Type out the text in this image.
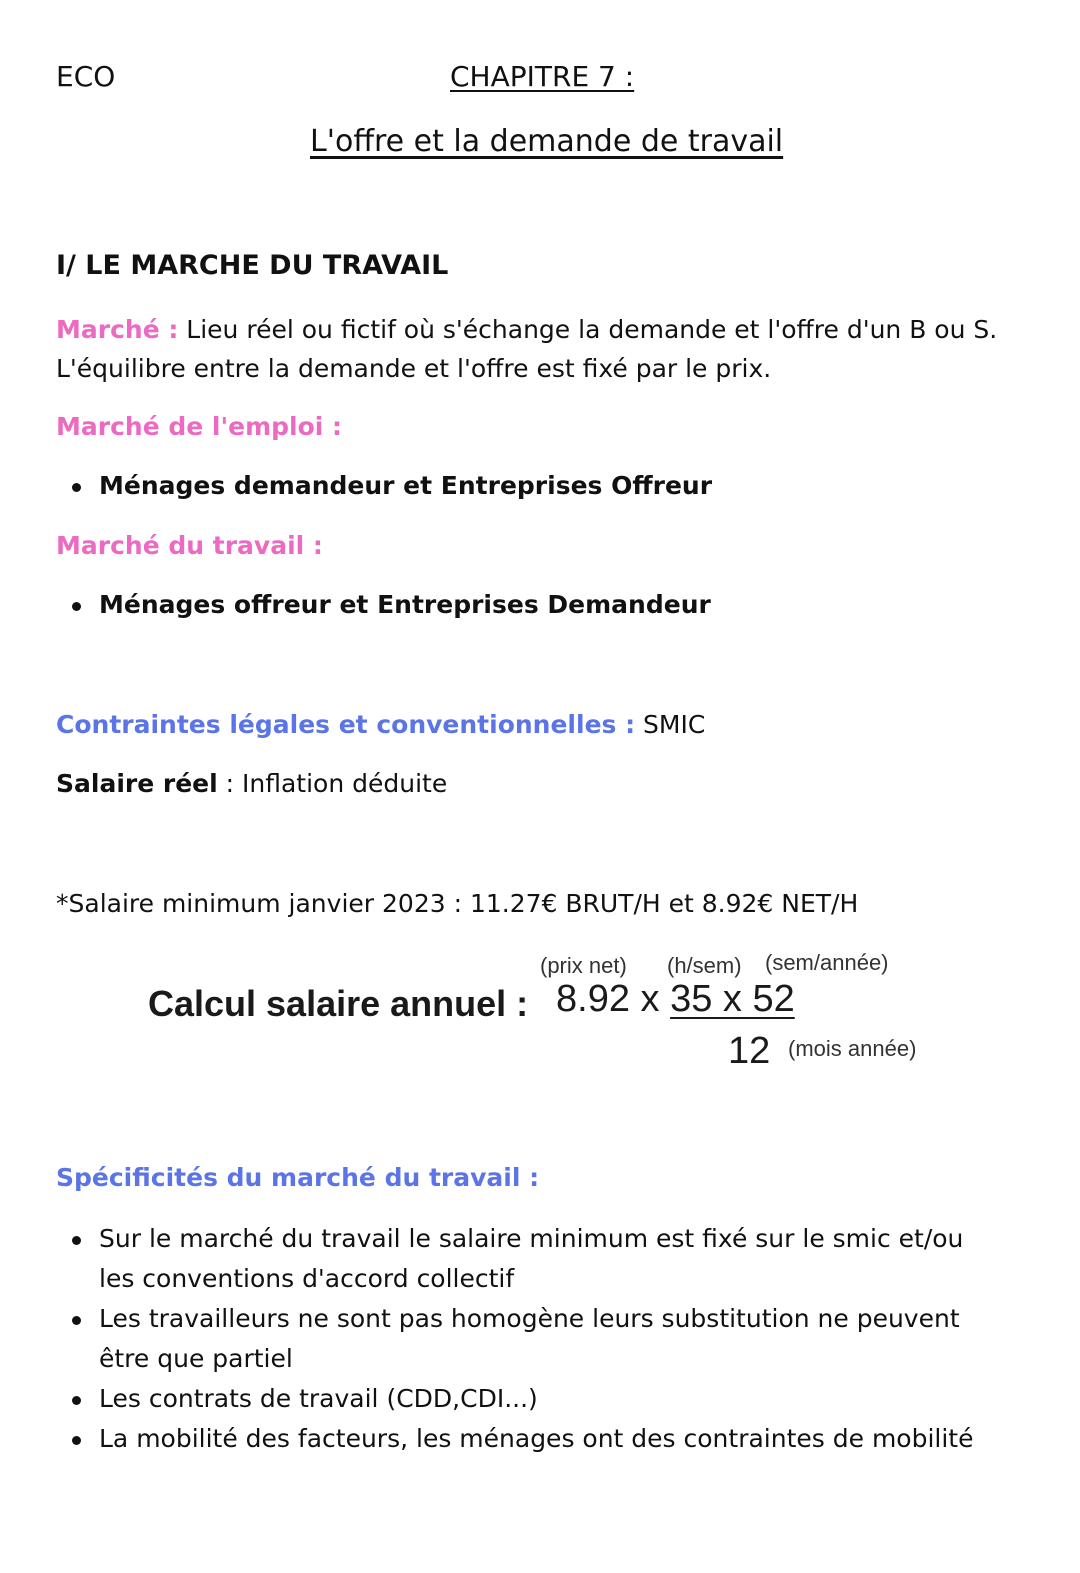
ECO	CHAPITRE 7 :
L'offre et la demande de travail
I/ LE MARCHE DU TRAVAIL
Marché : Lieu réel ou fictif où s'échange la demande et l'offre d'un B ou S.
L'équilibre entre la demande et l'offre est fixé par le prix.
Marché de l'emploi :
Ménages demandeur et Entreprises Offreur
Marché du travail :
Ménages offreur et Entreprises Demandeur
Contraintes légales et conventionnelles : SMIC
Salaire réel : Inflation déduite
*Salaire minimum janvier 2023 : 11.27€ BRUT/H et 8.92€ NET/H
(prix net) (h/sem) (sem/année)
Calcul salaire annuel : 8.92 x 35 x 52
12 (mois année)
Spécificités du marché du travail :
Sur le marché du travail le salaire minimum est fixé sur le smic et/ou les conventions d'accord collectif
Les travailleurs ne sont pas homogène leurs substitution ne peuvent être que partiel
Les contrats de travail (CDD,CDI...)
La mobilité des facteurs, les ménages ont des contraintes de mobilité
